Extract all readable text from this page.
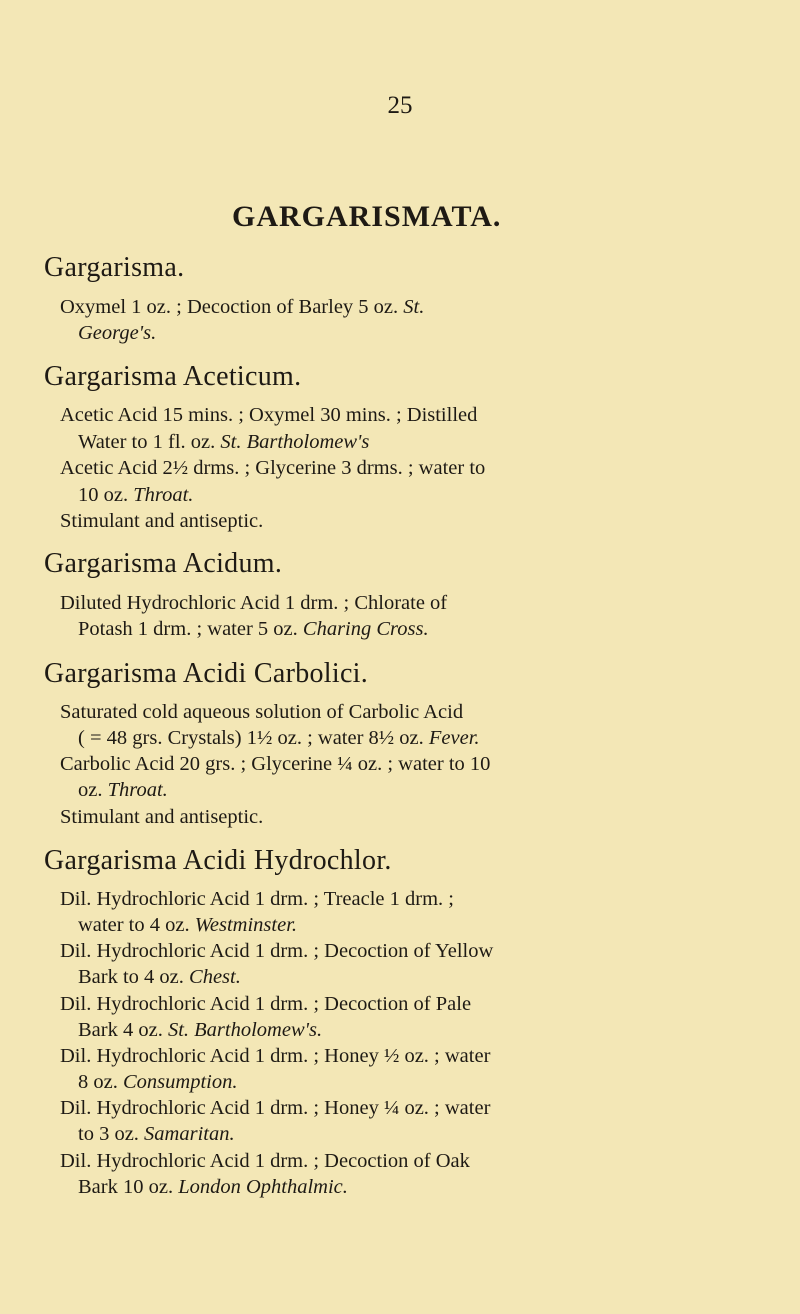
25
GARGARISMATA.
Gargarisma.
Oxymel 1 oz. ; Decoction of Barley 5 oz. St.
George's.
Gargarisma Aceticum.
Acetic Acid 15 mins. ; Oxymel 30 mins. ; Distilled
Water to 1 fl. oz. St. Bartholomew's
Acetic Acid 2½ drms. ; Glycerine 3 drms. ; water to
10 oz. Throat.
Stimulant and antiseptic.
Gargarisma Acidum.
Diluted Hydrochloric Acid 1 drm. ; Chlorate of
Potash 1 drm. ; water 5 oz. Charing Cross.
Gargarisma Acidi Carbolici.
Saturated cold aqueous solution of Carbolic Acid
( = 48 grs. Crystals) 1½ oz. ; water 8½ oz. Fever.
Carbolic Acid 20 grs. ; Glycerine ¼ oz. ; water to 10
oz. Throat.
Stimulant and antiseptic.
Gargarisma Acidi Hydrochlor.
Dil. Hydrochloric Acid 1 drm. ; Treacle 1 drm. ;
water to 4 oz. Westminster.
Dil. Hydrochloric Acid 1 drm. ; Decoction of Yellow
Bark to 4 oz. Chest.
Dil. Hydrochloric Acid 1 drm. ; Decoction of Pale
Bark 4 oz. St. Bartholomew's.
Dil. Hydrochloric Acid 1 drm. ; Honey ½ oz. ; water
8 oz. Consumption.
Dil. Hydrochloric Acid 1 drm. ; Honey ¼ oz. ; water
to 3 oz. Samaritan.
Dil. Hydrochloric Acid 1 drm. ; Decoction of Oak
Bark 10 oz. London Ophthalmic.
